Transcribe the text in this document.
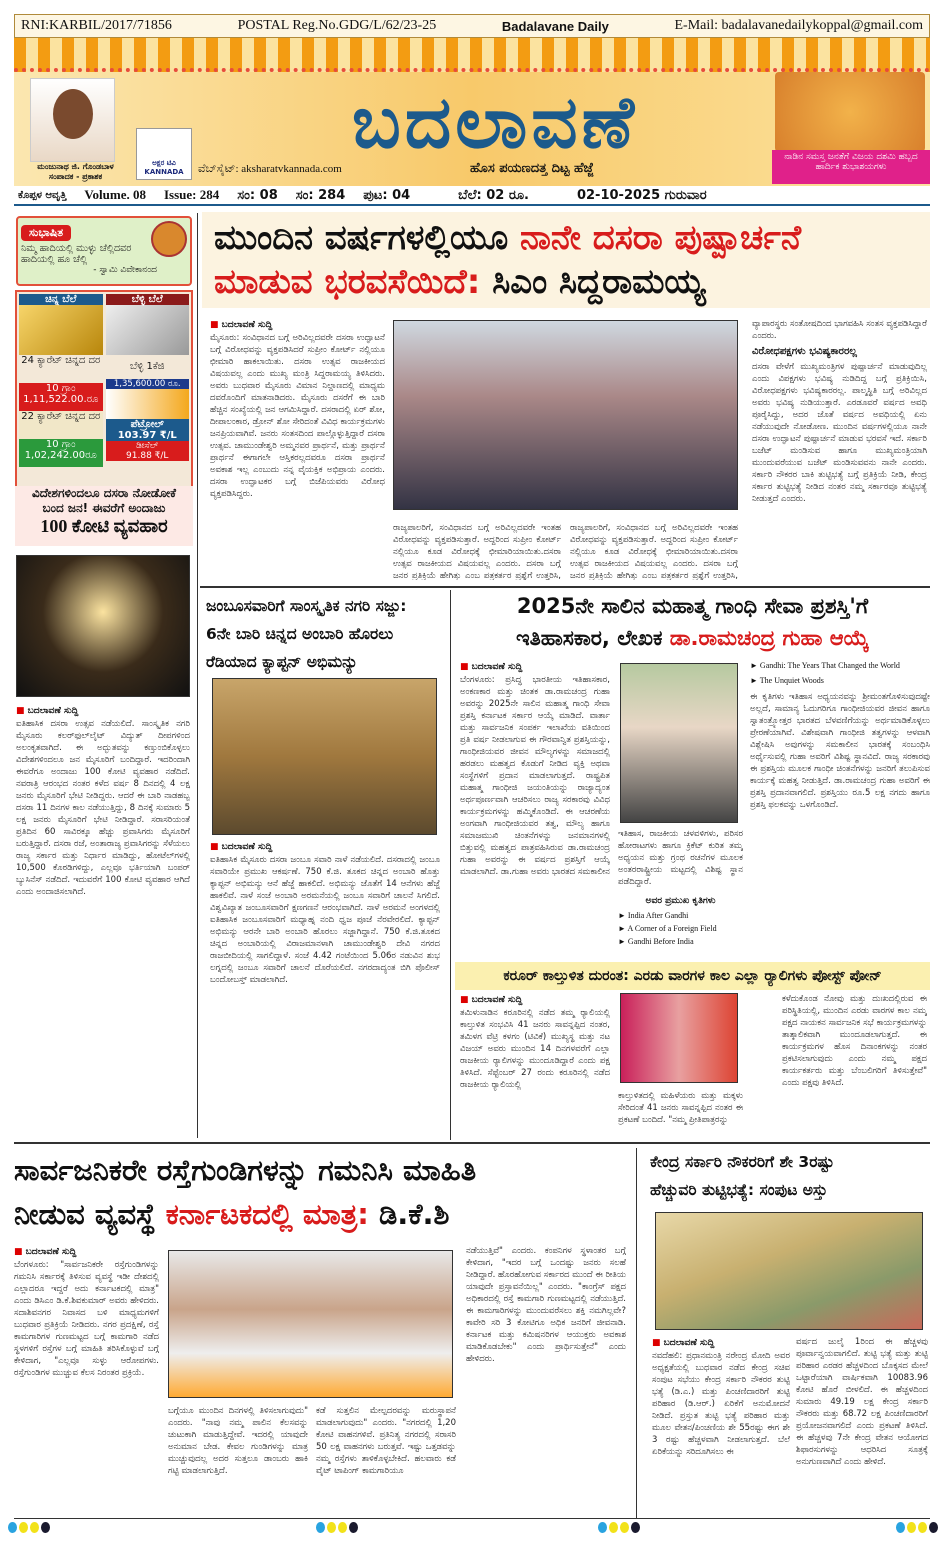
RNI:KARBIL/2017/71856	POSTAL Reg.No.GDG/L/62/23-25	Badalavane Daily	E-Mail: badalavanedailykoppal@gmail.com
ಮಂಜುನಾಥ ಜಿ. ಗೊಂಡಬಾಳ
ಸಂಪಾದಕ - ಪ್ರಕಾಶಕ
ಅಕ್ಷರ ಟಿವಿ KANNADA
ಬದಲಾವಣೆ
ವೆಬ್‌ಸೈಟ್: aksharatvkannada.com	ಹೊಸ ಪಯಣದತ್ತ ದಿಟ್ಟ ಹೆಜ್ಜೆ
ನಾಡಿನ ಸಮಸ್ತ ಜನತೆಗೆ ವಿಜಯ ದಶಮಿ ಹಬ್ಬದ ಹಾರ್ದಿಕ ಶುಭಾಶಯಗಳು
ಕೊಪ್ಪಳ ಆವೃತ್ತಿ Volume. 08 Issue: 284 ಸಂ: 08 ಸಂ: 284 ಪುಟ: 04	ಬೆಲೆ: 02 ರೂ.	02-10-2025 ಗುರುವಾರ
ಸುಭಾಷಿತ
ನಿಮ್ಮ ಹಾದಿಯಲ್ಲಿ ಮುಳ್ಳು ಚೆಲ್ಲಿದವರ ಹಾದಿಯಲ್ಲಿ ಹೂ ಚೆಲ್ಲಿ
- ಸ್ವಾಮಿ ವಿವೇಕಾನಂದ
ಚಿನ್ನ ಬೆಲೆ
24 ಕ್ಯಾರೆಟ್ ಚಿನ್ನದ ದರ
10 ಗ್ರಾಂ 1,11,522.00.ರೂ
22 ಕ್ಯಾರೆಟ್ ಚಿನ್ನದ ದರ
10 ಗ್ರಾಂ 1,02,242.00ರೂ
ಬೆಳ್ಳಿ ಬೆಲೆ
ಬೆಳ್ಳಿ 1ಕೆಜಿ
1,35,600.00 ರೂ.
ಪೆಟ್ರೋಲ್
103.97 ₹/L
ಡೀಸೆಲ್
91.88 ₹/L
ವಿದೇಶಗಳಿಂದಲೂ ದಸರಾ ನೋಡೋಕೆ
ಬಂದ ಜನ! ಈವರೆಗೆ ಅಂದಾಜು
100 ಕೋಟಿ ವ್ಯವಹಾರ
■ ಬದಲಾವಣೆ ಸುದ್ದಿ
ಐತಿಹಾಸಿಕ ದಸರಾ ಉತ್ಸವ ನಡೆಯಲಿದೆ. ಸಾಂಸ್ಕೃತಿಕ ನಗರಿ ಮೈಸೂರು ಕಲರ್‌ಫುಲ್‌ಲೈಟ್ ವಿದ್ಯುತ್ ದೀಪಗಳಿಂದ ಅಲಂಕೃತವಾಗಿದೆ. ಈ ಅದ್ಭುತವನ್ನು ಕಣ್ತುಂಬಿಕೊಳ್ಳಲು ವಿದೇಶಗಳಿಂದಲೂ ಜನ ಮೈಸೂರಿಗೆ ಬಂದಿದ್ದಾರೆ. ಇದರಿಂದಾಗಿ ಈವರೆಗೂ ಅಂದಾಜು 100 ಕೋಟಿ ವ್ಯವಹಾರ ನಡೆದಿದೆ. ನವರಾತ್ರಿ ಆರಂಭದ ನಂತರ ಕಳೆದ ವರ್ಷ 8 ದಿನದಲ್ಲಿ 4 ಲಕ್ಷ ಜನರು ಮೈಸೂರಿಗೆ ಭೇಟಿ ನೀಡಿದ್ದರು. ಆದರೆ ಈ ಬಾರಿ ನಾಡಹಬ್ಬ ದಸರಾ 11 ದಿನಗಳ ಕಾಲ ನಡೆಯುತ್ತಿದ್ದು, 8 ದಿನಕ್ಕೆ ಸುಮಾರು 5 ಲಕ್ಷ ಜನರು ಮೈಸೂರಿಗೆ ಭೇಟಿ ನೀಡಿದ್ದಾರೆ. ಸರಾಸರಿಯಂತೆ ಪ್ರತಿದಿನ 60 ಸಾವಿರಕ್ಕೂ ಹೆಚ್ಚು ಪ್ರವಾಸಿಗರು ಮೈಸೂರಿಗೆ ಬರುತ್ತಿದ್ದಾರೆ. ದಸರಾ ರಜೆ, ಅಂತಾರಾಜ್ಯ ಪ್ರವಾಸಿಗರನ್ನು ಸೆಳೆಯಲು ರಾಜ್ಯ ಸರ್ಕಾರ ಮತ್ತು ನಿರ್ಧಾರ ಮಾಡಿದ್ದು, ಹೋಟೆಲ್‌ಗಳಲ್ಲಿ 10,500 ಕೊಠಡಿಗಳಿದ್ದು, ಎಲ್ಲವೂ ಭರ್ತಿಯಾಗಿ ಬಂಪರ್ ಬ್ಯುಸಿನೆಸ್ ನಡೆದಿದೆ. ಇದುವರೆಗೆ 100 ಕೋಟಿ ವ್ಯವಹಾರ ಆಗಿದೆ ಎಂದು ಅಂದಾಜಿಸಲಾಗಿದೆ.
ಮುಂದಿನ ವರ್ಷಗಳಲ್ಲಿಯೂ ನಾನೇ ದಸರಾ ಪುಷ್ಪಾರ್ಚನೆ
ಮಾಡುವ ಭರವಸೆಯಿದೆ: ಸಿಎಂ ಸಿದ್ದರಾಮಯ್ಯ
■ ಬದಲಾವಣೆ ಸುದ್ದಿ
ಮೈಸೂರು: ಸಂವಿಧಾನದ ಬಗ್ಗೆ ಅರಿವಿಲ್ಲದವರೇ ದಸರಾ ಉದ್ಘಾಟನೆ ಬಗ್ಗೆ ವಿರೋಧವನ್ನು ವ್ಯಕ್ತಪಡಿಸಿದರೆ ಸುಪ್ರೀಂ ಕೋರ್ಟ್ ನಲ್ಲಿಯೂ ಛೀಮಾರಿ ಹಾಕಲಾಯಿತು. ದಸರಾ ಉತ್ಸವ ರಾಜಕೀಯದ ವಿಷಯವಲ್ಲ ಎಂದು ಮುಖ್ಯ ಮಂತ್ರಿ ಸಿದ್ದರಾಮಯ್ಯ ತಿಳಿಸಿದರು. ಅವರು ಬುಧವಾರ ಮೈಸೂರು ವಿಮಾನ ನಿಲ್ದಾಣದಲ್ಲಿ ಮಾಧ್ಯಮ ದವರೊಂದಿಗೆ ಮಾತನಾಡಿದರು. ಮೈಸೂರು ದಸರೆಗೆ ಈ ಬಾರಿ ಹೆಚ್ಚಿನ ಸಂಖ್ಯೆಯಲ್ಲಿ ಜನ ಆಗಮಿಸಿದ್ದಾರೆ. ದಸರಾದಲ್ಲಿ ಏರ್ ಶೋ, ದೀಪಾಲಂಕಾರ, ಡ್ರೋನ್ ಶೋ ಸೇರಿದಂತೆ ವಿವಿಧ ಕಾರ್ಯಕ್ರಮಗಳು ಜನಪ್ರಿಯವಾಗಿವೆ. ಜನರು ಸಂತಸದಿಂದ ಪಾಲ್ಗೊಳ್ಳುತ್ತಿದ್ದಾರೆ ದಸರಾ ಉತ್ಸವ. ಚಾಮುಂಡೇಶ್ವರಿ ಅಮ್ಮನವರ ಪ್ರಾರ್ಥನೆ, ಮತ್ತು ಪ್ರಾರ್ಥನೆ ಪ್ರಾರ್ಥನೆ ಈಗಾಗಲೇ ಆಸ್ತಿಕರಲ್ಲದವರೂ ದಸರಾ ಪ್ರಾರ್ಥನೆ ಅವಕಾಶ ಇಲ್ಲ ಎಂಬುದು ನನ್ನ ವೈಯಕ್ತಿಕ ಅಭಿಪ್ರಾಯ ಎಂದರು. ದಸರಾ ಉದ್ಘಾಟಕರ ಬಗ್ಗೆ ಬಿಜೆಪಿಯವರು ವಿರೋಧ ವ್ಯಕ್ತಪಡಿಸಿದ್ದರು.
ರಾಜ್ಯಪಾಲರಿಗೆ, ಸಂವಿಧಾನದ ಬಗ್ಗೆ ಅರಿವಿಲ್ಲದವರೇ ಇಂತಹ ವಿರೋಧವನ್ನು ವ್ಯಕ್ತಪಡಿಸುತ್ತಾರೆ. ಅದ್ದರಿಂದ ಸುಪ್ರೀಂ ಕೋರ್ಟ್ ನಲ್ಲಿಯೂ ಕೂಡ ವಿರೋಧಕ್ಕೆ ಛೀಮಾರಿಯಾಯಿತು.ದಸರಾ ಉತ್ಸವ ರಾಜಕೀಯದ ವಿಷಯವಲ್ಲ ಎಂದರು. ದಸರಾ ಬಗ್ಗೆ ಜನರ ಪ್ರತಿಕ್ರಿಯೆ ಹೇಗಿತ್ತು ಎಂಬ ಪತ್ರಕರ್ತರ ಪ್ರಶ್ನೆಗೆ ಉತ್ತರಿಸಿ,
ರಾಜ್ಯಪಾಲರಿಗೆ, ಸಂವಿಧಾನದ ಬಗ್ಗೆ ಅರಿವಿಲ್ಲದವರೇ ಇಂತಹ ವಿರೋಧವನ್ನು ವ್ಯಕ್ತಪಡಿಸುತ್ತಾರೆ. ಅದ್ದರಿಂದ ಸುಪ್ರೀಂ ಕೋರ್ಟ್ ನಲ್ಲಿಯೂ ಕೂಡ ವಿರೋಧಕ್ಕೆ ಛೀಮಾರಿಯಾಯಿತು.ದಸರಾ ಉತ್ಸವ ರಾಜಕೀಯದ ವಿಷಯವಲ್ಲ ಎಂದರು. ದಸರಾ ಬಗ್ಗೆ ಜನರ ಪ್ರತಿಕ್ರಿಯೆ ಹೇಗಿತ್ತು ಎಂಬ ಪತ್ರಕರ್ತರ ಪ್ರಶ್ನೆಗೆ ಉತ್ತರಿಸಿ,
ವ್ಯಾಪಾರಸ್ಥರು ಸಂತೋಷದಿಂದ ಭಾಗವಹಿಸಿ ಸಂತಸ ವ್ಯಕ್ತಪಡಿಸಿದ್ದಾರೆ ಎಂದರು.
ವಿರೋಧಪಕ್ಷಗಳು ಭವಿಷ್ಯಕಾರರಲ್ಲ
ದಸರಾ ವೇಳೆಗೆ ಮುಖ್ಯಮಂತ್ರಿಗಳ ಪುಷ್ಪಾರ್ಚನೆ ಮಾಡುವುದಿಲ್ಲ ಎಂದು ವಿಪಕ್ಷಗಳು ಭವಿಷ್ಯ ನುಡಿದಿದ್ದ ಬಗ್ಗೆ ಪ್ರತಿಕ್ರಿಯಿಸಿ, ವಿರೋಧಪಕ್ಷಗಳು ಭವಿಷ್ಯಕಾರರಲ್ಲ. ಪಾಲ್ಮಸ್ಥಿತಿ ಬಗ್ಗೆ ಅರಿವಿಲ್ಲದ ಅವರು ಭವಿಷ್ಯ ನುಡಿಯುತ್ತಾರೆ. ಎರಡೂವರೆ ವರ್ಷದ ಅವಧಿ ಪೂರೈಸಿದ್ದು, ಅದರ ಜೊತೆ ವರ್ಷದ ಅವಧಿಯಲ್ಲಿ ಏನು ನಡೆಯುವುದೇ ನೋಡೋಣ. ಮುಂದಿನ ವರ್ಷಗಳಲ್ಲಿಯೂ ನಾನೇ ದಸರಾ ಉದ್ಘಾಟನೆ ಪುಷ್ಪಾರ್ಚನೆ ಮಾಡುವ ಭರವಸೆ ಇದೆ. ಸರ್ಕಾರಿ ಬಜೆಟ್ ಮಂಡಿಸುವ ಹಾಗೂ ಮುಖ್ಯಮಂತ್ರಿಯಾಗಿ ಮುಂದುವರೆಯುವ ಬಜೆಟ್ ಮಂಡಿಸುವವನು ನಾನೇ ಎಂದರು. ಸರ್ಕಾರಿ ನೌಕರರ ಬಾಕಿ ತುಟ್ಟಿಭತ್ಯೆ ಬಗ್ಗೆ ಪ್ರತಿಕ್ರಿಯೆ ನೀಡಿ, ಕೇಂದ್ರ ಸರ್ಕಾರ ತುಟ್ಟಿಭತ್ಯೆ ನೀಡಿದ ನಂತರ ನಮ್ಮ ಸರ್ಕಾರವೂ ತುಟ್ಟಿಭತ್ಯೆ ನೀಡುತ್ತದೆ ಎಂದರು.
ಜಂಬೂಸವಾರಿಗೆ ಸಾಂಸ್ಕೃತಿಕ ನಗರಿ ಸಜ್ಜು:
6ನೇ ಬಾರಿ ಚಿನ್ನದ ಅಂಬಾರಿ ಹೊರಲು
ರೆಡಿಯಾದ ಕ್ಯಾಪ್ಟನ್ ಅಭಿಮನ್ಯು
■ ಬದಲಾವಣೆ ಸುದ್ದಿ
ಐತಿಹಾಸಿಕ ಮೈಸೂರು ದಸರಾ ಜಂಬೂ ಸವಾರಿ ನಾಳೆ ನಡೆಯಲಿದೆ. ದಸರಾದಲ್ಲಿ ಜಂಬೂ ಸವಾರಿಯೇ ಪ್ರಮುಖ ಆಕರ್ಷಣೆ. 750 ಕೆ.ಜಿ. ತೂಕದ ಚಿನ್ನದ ಅಂಬಾರಿ ಹೊತ್ತು ಕ್ಯಾಪ್ಟನ್ ಅಭಿಮನ್ಯು ಆನೆ ಹೆಜ್ಜೆ ಹಾಕಲಿದೆ. ಅಭಿಮನ್ಯು ಜೊತೆಗೆ 14 ಆನೆಗಳು ಹೆಜ್ಜೆ ಹಾಕಲಿವೆ. ನಾಳೆ ಸಂಜೆ ಅಂಬಾರಿ ಅರಮನೆಯಲ್ಲಿ ಜಂಬೂ ಸವಾರಿಗೆ ಚಾಲನೆ ಸಿಗಲಿದೆ. ವಿಶ್ವವಿಖ್ಯಾತ ಜಂಬೂಸವಾರಿಗೆ ಕ್ಷಣಗಣನೆ ಆರಂಭವಾಗಿದೆ. ನಾಳೆ ಅರಮನೆ ಅಂಗಳದಲ್ಲಿ ಐತಿಹಾಸಿಕ ಜಂಬೂಸವಾರಿಗೆ ಮಧ್ಯಾಹ್ನ ನಂದಿ ಧ್ವಜ ಪೂಜೆ ನೆರವೇರಲಿದೆ. ಕ್ಯಾಪ್ಟನ್ ಅಭಿಮನ್ಯು ಆರನೇ ಬಾರಿ ಅಂಬಾರಿ ಹೊರಲು ಸಜ್ಜಾಗಿದ್ದಾನೆ. 750 ಕೆ.ಜಿ.ತೂಕದ ಚಿನ್ನದ ಅಂಬಾರಿಯಲ್ಲಿ ವಿರಾಜಮಾನಳಾಗಿ ಚಾಮುಂಡೇಶ್ವರಿ ದೇವಿ ನಗರದ ರಾಜಬೀದಿಯಲ್ಲಿ ಸಾಗಲಿದ್ದಾಳೆ. ಸಂಜೆ 4.42 ಗಂಟೆಯಿಂದ 5.06ರ ನಡುವಿನ ಶುಭ ಲಗ್ನದಲ್ಲಿ ಜಂಬೂ ಸವಾರಿಗೆ ಚಾಲನೆ ದೊರೆಯಲಿದೆ. ನಗರದಾದ್ಯಂತ ಬಿಗಿ ಪೊಲೀಸ್ ಬಂದೋಬಸ್ತ್ ಮಾಡಲಾಗಿದೆ.
2025ನೇ ಸಾಲಿನ ಮಹಾತ್ಮ ಗಾಂಧಿ ಸೇವಾ ಪ್ರಶಸ್ತಿ'ಗೆ
ಇತಿಹಾಸಕಾರ, ಲೇಖಕ ಡಾ.ರಾಮಚಂದ್ರ ಗುಹಾ ಆಯ್ಕೆ
■ ಬದಲಾವಣೆ ಸುದ್ದಿ
ಬೆಂಗಳೂರು: ಪ್ರಸಿದ್ಧ ಭಾರತೀಯ ಇತಿಹಾಸಕಾರ, ಅಂಕಣಕಾರ ಮತ್ತು ಚಿಂತಕ ಡಾ.ರಾಮಚಂದ್ರ ಗುಹಾ ಅವರನ್ನು 2025ನೇ ಸಾಲಿನ ಮಹಾತ್ಮ ಗಾಂಧಿ ಸೇವಾ ಪ್ರಶಸ್ತಿ ಕರ್ನಾಟಕ ಸರ್ಕಾರ ಆಯ್ಕೆ ಮಾಡಿದೆ. ವಾರ್ತಾ ಮತ್ತು ಸಾರ್ವಜನಿಕ ಸಂಪರ್ಕ ಇಲಾಖೆಯ ವತಿಯಿಂದ ಪ್ರತಿ ವರ್ಷ ನೀಡಲಾಗುವ ಈ ಗೌರವಾನ್ವಿತ ಪ್ರಶಸ್ತಿಯನ್ನು, ಗಾಂಧೀಜಿಯವರ ಜೀವನ ಮೌಲ್ಯಗಳನ್ನು ಸಮಾಜದಲ್ಲಿ ಹರಡಲು ಮಹತ್ವದ ಕೊಡುಗೆ ನೀಡಿದ ವ್ಯಕ್ತಿ ಅಥವಾ ಸಂಸ್ಥೆಗಳಿಗೆ ಪ್ರದಾನ ಮಾಡಲಾಗುತ್ತದೆ. ರಾಷ್ಟ್ರಪಿತ ಮಹಾತ್ಮ ಗಾಂಧೀಜಿ ಜಯಂತಿಯನ್ನು ರಾಜ್ಯಾದ್ಯಂತ ಅರ್ಥಪೂರ್ಣವಾಗಿ ಆಚರಿಸಲು ರಾಜ್ಯ ಸರಕಾರವು ವಿವಿಧ ಕಾರ್ಯಕ್ರಮಗಳನ್ನು ಹಮ್ಮಿಕೊಂಡಿದೆ. ಈ ಆಚರಣೆಯ ಅಂಗವಾಗಿ ಗಾಂಧೀಜಿಯವರ ತತ್ವ, ಮೌಲ್ಯ ಹಾಗೂ ಸಮಾಜಮುಖಿ ಚಿಂತನೆಗಳನ್ನು ಜನಮಾನಗಳಲ್ಲಿ ಬಿತ್ತುವಲ್ಲಿ ಮಹತ್ವದ ಪಾತ್ರವಹಿಸಿರುವ ಡಾ.ರಾಮಚಂದ್ರ ಗುಹಾ ಅವರನ್ನು ಈ ವರ್ಷದ ಪ್ರಶಸ್ತಿಗೆ ಆಯ್ಕೆ ಮಾಡಲಾಗಿದೆ. ಡಾ.ಗುಹಾ ಅವರು ಭಾರತದ ಸಮಕಾಲೀನ
ಇತಿಹಾಸ, ರಾಜಕೀಯ ಚಳವಳಿಗಳು, ಪರಿಸರ ಹೋರಾಟಗಳು ಹಾಗೂ ಕ್ರಿಕೆಟ್ ಕುರಿತ ತಮ್ಮ ಅಧ್ಯಯನ ಮತ್ತು ಗ್ರಂಥ ರಚನೆಗಳ ಮೂಲಕ ಅಂತರರಾಷ್ಟ್ರೀಯ ಮಟ್ಟದಲ್ಲಿ ವಿಶಿಷ್ಟ ಸ್ಥಾನ ಪಡೆದಿದ್ದಾರೆ.
ಅವರ ಪ್ರಮುಖ ಕೃತಿಗಳು
► India After Gandhi
► A Corner of a Foreign Field
► Gandhi Before India
► Gandhi: The Years That Changed the World
► The Unquiet Woods
ಈ ಕೃತಿಗಳು ಇತಿಹಾಸ ಅಧ್ಯಯನವನ್ನು ಶ್ರೀಮಂತಗೊಳಿಸುವುದಷ್ಟೇ ಅಲ್ಲದೆ, ಸಾಮಾನ್ಯ ಓದುಗರಿಗೂ ಗಾಂಧೀಜಿಯವರ ಜೀವನ ಹಾಗೂ ಸ್ವಾತಂತ್ರ್ಯೋತ್ತರ ಭಾರತದ ಬೆಳವಣಿಗೆಯನ್ನು ಅರ್ಥಮಾಡಿಕೊಳ್ಳಲು ಪ್ರೇರಣೆಯಾಗಿವೆ. ವಿಶೇಷವಾಗಿ ಗಾಂಧೀಜಿ ತತ್ವಗಳನ್ನು ಆಳವಾಗಿ ವಿಶ್ಲೇಷಿಸಿ ಅವುಗಳನ್ನು ಸಮಕಾಲೀನ ಭಾರತಕ್ಕೆ ಸಂಬಂಧಿಸಿ ಅರ್ಥೈಸುವಲ್ಲಿ ಗುಹಾ ಅವರಿಗೆ ವಿಶಿಷ್ಟ ಸ್ಥಾನವಿದೆ. ರಾಜ್ಯ ಸರಕಾರವು ಈ ಪ್ರಶಸ್ತಿಯ ಮೂಲಕ ಗಾಂಧೀ ಚಿಂತನೆಗಳನ್ನು ಜನರಿಗೆ ತಲುಪಿಸುವ ಕಾರ್ಯಕ್ಕೆ ಮಹತ್ವ ನೀಡುತ್ತಿದೆ. ಡಾ.ರಾಮಚಂದ್ರ ಗುಹಾ ಅವರಿಗೆ ಈ ಪ್ರಶಸ್ತಿ ಪ್ರದಾನವಾಗಲಿದೆ. ಪ್ರಶಸ್ತಿಯು ರೂ.5 ಲಕ್ಷ ನಗದು ಹಾಗೂ ಪ್ರಶಸ್ತಿ ಫಲಕವನ್ನು ಒಳಗೊಂಡಿದೆ.
ಕರೂರ್ ಕಾಲ್ತುಳಿತ ದುರಂತ: ಎರಡು ವಾರಗಳ ಕಾಲ ಎಲ್ಲಾ ರ‍್ಯಾಲಿಗಳು ಪೋಸ್ಟ್ ಪೋನ್
■ ಬದಲಾವಣೆ ಸುದ್ದಿ
ತಮಿಳುನಾಡಿನ ಕರೂರಿನಲ್ಲಿ ನಡೆದ ತಮ್ಮ ರ‍್ಯಾಲಿಯಲ್ಲಿ ಕಾಲ್ತುಳಿತ ಸಂಭವಿಸಿ 41 ಜನರು ಸಾವನ್ನಪ್ಪಿದ ನಂತರ, ತಮಿಳಗ ವೆಟ್ರಿ ಕಳಗಂ (ಟಿವಿಕೆ) ಮುಖ್ಯಸ್ಥ ಮತ್ತು ನಟ ವಿಜಯ್ ಅವರು ಮುಂದಿನ 14 ದಿನಗಳವರೆಗೆ ಎಲ್ಲಾ ರಾಜಕೀಯ ರ‍್ಯಾಲಿಗಳನ್ನು ಮುಂದೂಡಿದ್ದಾರೆ ಎಂದು ಪಕ್ಷ ತಿಳಿಸಿದೆ. ಸೆಪ್ಟೆಂಬರ್ 27 ರಂದು ಕರೂರಿನಲ್ಲಿ ನಡೆದ ರಾಜಕೀಯ ರ‍್ಯಾಲಿಯಲ್ಲಿ
ಕಾಲ್ತುಳಿತದಲ್ಲಿ ಮಹಿಳೆಯರು ಮತ್ತು ಮಕ್ಕಳು ಸೇರಿದಂತೆ 41 ಜನರು ಸಾವನ್ನಪ್ಪಿದ ನಂತರ ಈ ಪ್ರಕಟಣೆ ಬಂದಿದೆ. "ನಮ್ಮ ಪ್ರೀತಿಪಾತ್ರರನ್ನು
ಕಳೆದುಕೊಂಡ ನೋವು ಮತ್ತು ದುಃಖದಲ್ಲಿರುವ ಈ ಪರಿಸ್ಥಿತಿಯಲ್ಲಿ, ಮುಂದಿನ ಎರಡು ವಾರಗಳ ಕಾಲ ನಮ್ಮ ಪಕ್ಷದ ನಾಯಕನ ಸಾರ್ವಜನಿಕ ಸಭೆ ಕಾರ್ಯಕ್ರಮಗಳನ್ನು ತಾತ್ಕಾಲಿಕವಾಗಿ ಮುಂದೂಡಲಾಗುತ್ತದೆ. ಈ ಕಾರ್ಯಕ್ರಮಗಳ ಹೊಸ ದಿನಾಂಕಗಳನ್ನು ನಂತರ ಪ್ರಕಟಿಸಲಾಗುವುದು ಎಂದು ನಮ್ಮ ಪಕ್ಷದ ಕಾರ್ಯಕರ್ತರು ಮತ್ತು ಬೆಂಬಲಿಗರಿಗೆ ತಿಳಿಸುತ್ತೇವೆ" ಎಂದು ಪಕ್ಷವು ತಿಳಿಸಿದೆ.
ಸಾರ್ವಜನಿಕರೇ ರಸ್ತೆಗುಂಡಿಗಳನ್ನು ಗಮನಿಸಿ ಮಾಹಿತಿ
ನೀಡುವ ವ್ಯವಸ್ಥೆ ಕರ್ನಾಟಕದಲ್ಲಿ ಮಾತ್ರ: ಡಿ.ಕೆ.ಶಿ
■ ಬದಲಾವಣೆ ಸುದ್ದಿ
ಬೆಂಗಳೂರು: "ಸಾರ್ವಜನಿಕರೇ ರಸ್ತೆಗುಂಡಿಗಳನ್ನು ಗಮನಿಸಿ ಸರ್ಕಾರಕ್ಕೆ ತಿಳಿಸುವ ವ್ಯವಸ್ಥೆ ಇಡೀ ದೇಶದಲ್ಲಿ ಎಲ್ಲಾದರೂ ಇದ್ದರೆ ಅದು ಕರ್ನಾಟಕದಲ್ಲಿ ಮಾತ್ರ" ಎಂದು ಡಿಸಿಎಂ ಡಿ.ಕೆ.ಶಿವಕುಮಾರ್ ಅವರು ಹೇಳಿದರು. ಸದಾಶಿವನಗರ ನಿವಾಸದ ಬಳಿ ಮಾಧ್ಯಮಗಳಿಗೆ ಬುಧವಾರ ಪ್ರತಿಕ್ರಿಯೆ ನೀಡಿದರು. ನಗರ ಪ್ರದಕ್ಷಿಣೆ, ರಸ್ತೆ ಕಾಮಗಾರಿಗಳ ಗುಣಮಟ್ಟದ ಬಗ್ಗೆ ಕಾಮಗಾರಿ ನಡೆದ ಸ್ಥಳಗಳಿಗೆ ರಸ್ತೆಗಳ ಬಗ್ಗೆ ಮಾಹಿತಿ ತರಿಸಿಕೊಳ್ಳುವೆ ಬಗ್ಗೆ ಕೇಳಿದಾಗ, "ಎಲ್ಲವೂ ಸುಳ್ಳು ಆರೋಪಗಳು. ರಸ್ತೆಗುಂಡಿಗಳ ಮುಚ್ಚುವ ಕೆಲಸ ನಿರಂತರ ಪ್ರಕ್ರಿಯೆ.
ಬಗ್ಗೆಯೂ ಮುಂದಿನ ದಿನಗಳಲ್ಲಿ ತಿಳಿಸಲಾಗುವುದು" ಎಂದರು. "ನಾವು ನಮ್ಮ ಪಾಲಿನ ಕೆಲಸವನ್ನು ಚುಟುಕಾಗಿ ಮಾಡುತ್ತಿದ್ದೇವೆ. ಇದರಲ್ಲಿ ಯಾವುದೇ ಅನುಮಾನ ಬೇಡ. ಕೇವಲ ಗುಂಡಿಗಳನ್ನು ಮಾತ್ರ ಮುಚ್ಚುವುದಲ್ಲ ಅದರ ಸುತ್ತಲೂ ಡಾಂಬರು ಹಾಕಿ ಗಟ್ಟಿ ಮಾಡಲಾಗುತ್ತಿದೆ.
ಕಡೆ ಸುತ್ತಲಿನ ಮೇಲ್ಪದರವನ್ನು ಮರುಸ್ಥಾಪನೆ ಮಾಡಲಾಗುವುದು" ಎಂದರು. "ನಗರದಲ್ಲಿ 1,20 ಕೋಟಿ ವಾಹನಗಳಿವೆ. ಪ್ರತಿನಿತ್ಯ ನಗರದಲ್ಲಿ ಸರಾಸರಿ 50 ಲಕ್ಷ ವಾಹನಗಳು ಬರುತ್ತವೆ. ಇಷ್ಟು ಒತ್ತಡವನ್ನು ನಮ್ಮ ರಸ್ತೆಗಳು ತಾಳಿಕೊಳ್ಳಬೇಕಿದೆ. ಹಲವಾರು ಕಡೆ ವೈಟ್ ಟಾಪಿಂಗ್ ಕಾಮಗಾರಿಯೂ
ನಡೆಯುತ್ತಿವೆ" ಎಂದರು. ಕಂಪನಿಗಳ ಸ್ಥಳಾಂತರ ಬಗ್ಗೆ ಕೇಳಿದಾಗ, "ಇದರ ಬಗ್ಗೆ ಒಂದಷ್ಟು ಜನರು ಸಲಹೆ ನೀಡಿದ್ದಾರೆ. ಹೊರಹೋಗುವ ಸರ್ಕಾರದ ಮುಂದೆ ಈ ರೀತಿಯ ಯಾವುದೇ ಪ್ರಸ್ತಾವನೆಯಿಲ್ಲ" ಎಂದರು. "ಕಾಂಗ್ರೆಸ್ ಪಕ್ಷದ ಅಧಿಕಾರದಲ್ಲಿ ರಸ್ತೆ ಕಾಮಗಾರಿ ಗುಣಮಟ್ಟದಲ್ಲಿ ನಡೆಯುತ್ತಿದೆ. ಈ ಕಾಮಗಾರಿಗಳನ್ನು ಮುಂದುವರೆಸಲು ಶಕ್ತಿ ನಮಗಿಲ್ಲವೇ? ಕಾವೇರಿ ಸರಿ 3 ಕೋಟಿಗೂ ಅಧಿಕ ಜನರಿಗೆ ಜೀವನಾಡಿ. ಕರ್ನಾಟಕ ಮತ್ತು ಕಮಿಷನರಿಗಳ ಆಯುಕ್ತರು ಅವಕಾಶ ಮಾಡಿಕೊಡಬೇಕು" ಎಂದು ಪ್ರಾರ್ಥಿಸುತ್ತೇನೆ" ಎಂದು ಹೇಳಿದರು.
ಕೇಂದ್ರ ಸರ್ಕಾರಿ ನೌಕರರಿಗೆ ಶೇ 3ರಷ್ಟು
ಹೆಚ್ಚುವರಿ ತುಟ್ಟಿಭತ್ಯೆ: ಸಂಪುಟ ಅಸ್ತು
■ ಬದಲಾವಣೆ ಸುದ್ದಿ
ನವದೆಹಲಿ: ಪ್ರಧಾನಮಂತ್ರಿ ನರೇಂದ್ರ ಮೋದಿ ಅವರ ಅಧ್ಯಕ್ಷತೆಯಲ್ಲಿ ಬುಧವಾರ ನಡೆದ ಕೇಂದ್ರ ಸಚಿವ ಸಂಪುಟ ಸಭೆಯು ಕೇಂದ್ರ ಸರ್ಕಾರಿ ನೌಕರರ ತುಟ್ಟಿ ಭತ್ಯೆ (ಡಿ.ಎ.) ಮತ್ತು ಪಿಂಚಣಿದಾರರಿಗೆ ತುಟ್ಟಿ ಪರಿಹಾರ (ಡಿ.ಆರ್.) ಏರಿಕೆಗೆ ಅನುಮೋದನೆ ನೀಡಿದೆ. ಪ್ರಸ್ತುತ ತುಟ್ಟಿ ಭತ್ಯೆ ಪರಿಹಾರ ಮತ್ತು ಮೂಲ ವೇತನ/ಪಿಂಚಣಿಯ ಶೇ 55ರಷ್ಟು ಈಗ ಶೇ 3 ರಷ್ಟು ಹೆಚ್ಚಳವಾಗಿ ನೀಡಲಾಗುತ್ತದೆ. ಬೆಲೆ ಏರಿಕೆಯನ್ನು ಸರಿದೂಗಿಸಲು ಈ
ವರ್ಷದ ಜುಲೈ 1ರಿಂದ ಈ ಹೆಚ್ಚಳವು ಪೂರ್ವಾನ್ವಯವಾಗಲಿದೆ. ತುಟ್ಟಿ ಭತ್ಯೆ ಮತ್ತು ತುಟ್ಟಿ ಪರಿಹಾರ ಎರಡರ ಹೆಚ್ಚಳದಿಂದ ಬೊಕ್ಕಸದ ಮೇಲೆ ಒಟ್ಟಾರೆಯಾಗಿ ವಾರ್ಷಿಕವಾಗಿ 10083.96 ಕೋಟಿ ಹೊರೆ ಬೀಳಲಿದೆ. ಈ ಹೆಚ್ಚಳದಿಂದ ಸುಮಾರು 49.19 ಲಕ್ಷ ಕೇಂದ್ರ ಸರ್ಕಾರಿ ನೌಕರರು ಮತ್ತು 68.72 ಲಕ್ಷ ಪಿಂಚಣಿದಾರರಿಗೆ ಪ್ರಯೋಜನವಾಗಲಿದೆ ಎಂದು ಪ್ರಕಟಣೆ ತಿಳಿಸಿದೆ. ಈ ಹೆಚ್ಚಳವು 7ನೇ ಕೇಂದ್ರ ವೇತನ ಆಯೋಗದ ಶಿಫಾರಸುಗಳನ್ನು ಆಧರಿಸಿದ ಸೂತ್ರಕ್ಕೆ ಅನುಗುಣವಾಗಿದೆ ಎಂದು ಹೇಳಿದೆ.
